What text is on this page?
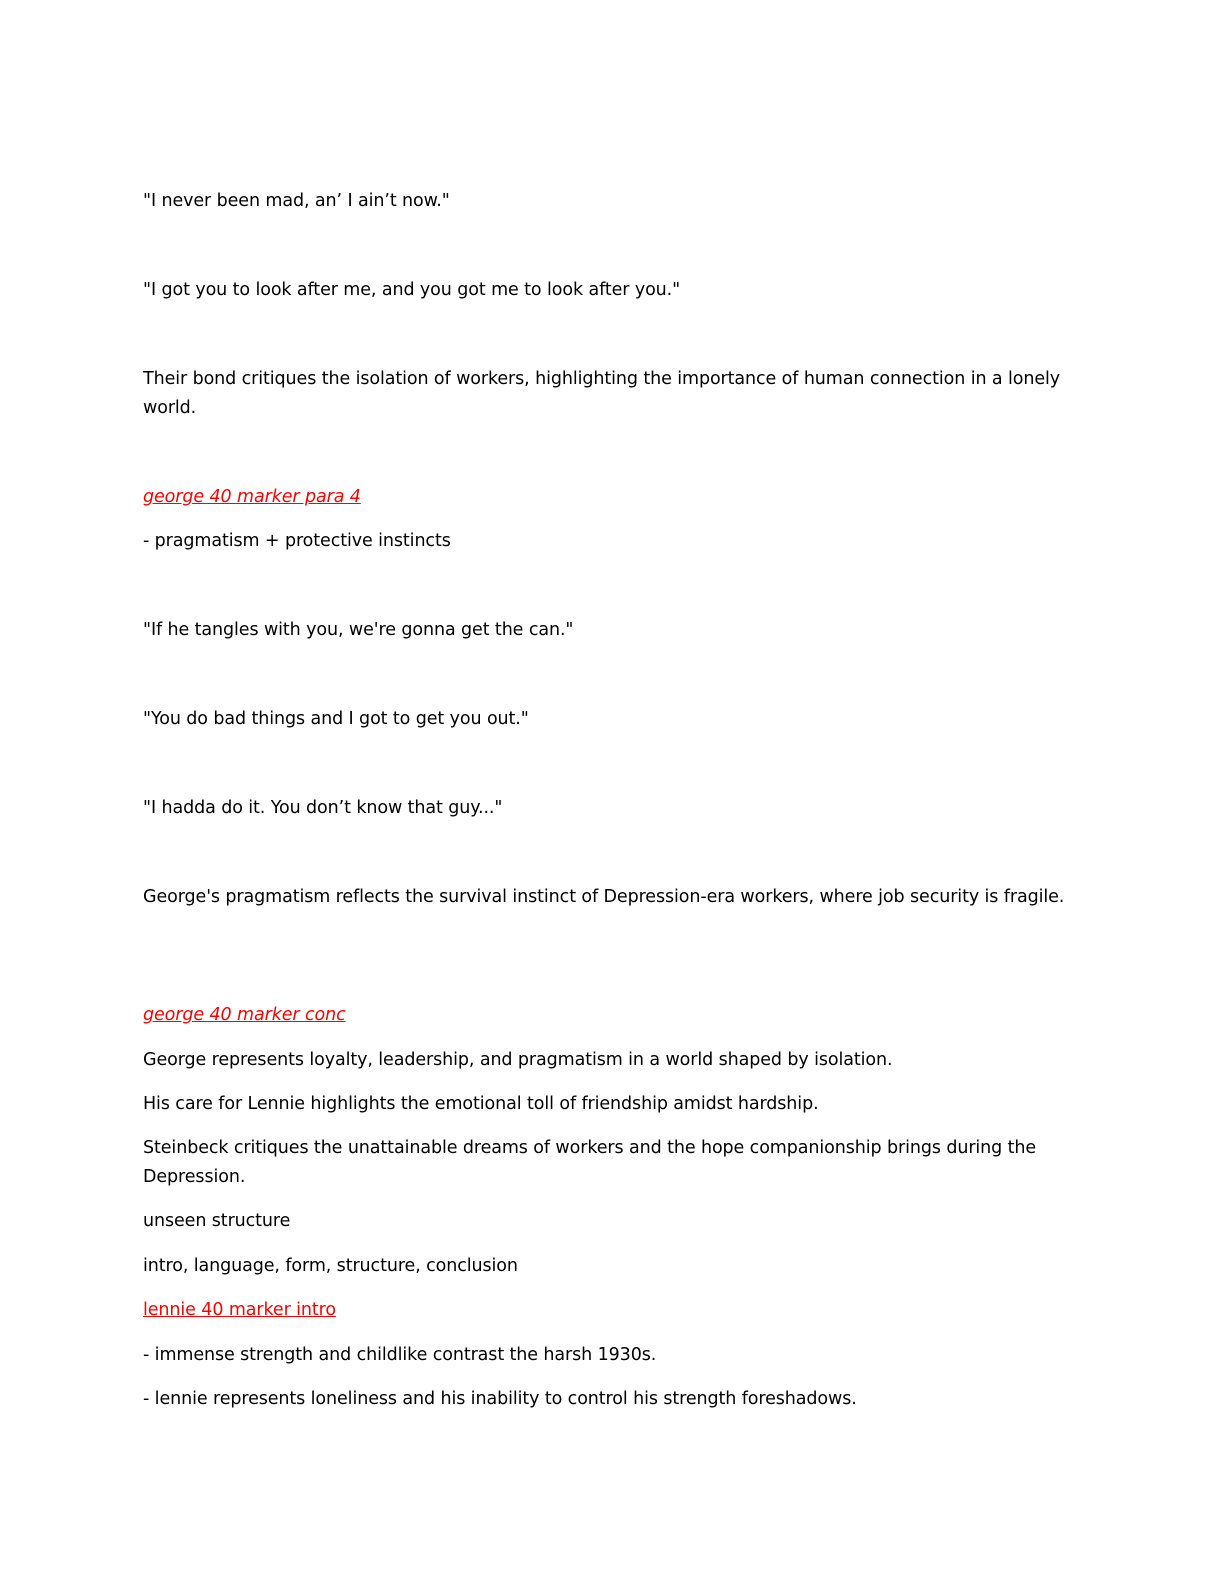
"I never been mad, an’ I ain’t now."
"I got you to look after me, and you got me to look after you."
Their bond critiques the isolation of workers, highlighting the importance of human connection in a lonely world.
george 40 marker para 4
- pragmatism + protective instincts
"If he tangles with you, we're gonna get the can."
"You do bad things and I got to get you out."
"I hadda do it. You don’t know that guy..."
George's pragmatism reflects the survival instinct of Depression-era workers, where job security is fragile.
george 40 marker conc
George represents loyalty, leadership, and pragmatism in a world shaped by isolation.
His care for Lennie highlights the emotional toll of friendship amidst hardship.
Steinbeck critiques the unattainable dreams of workers and the hope companionship brings during the Depression.
unseen structure
intro, language, form, structure, conclusion
lennie 40 marker intro
- immense strength and childlike contrast the harsh 1930s.
- lennie represents loneliness and his inability to control his strength foreshadows.
